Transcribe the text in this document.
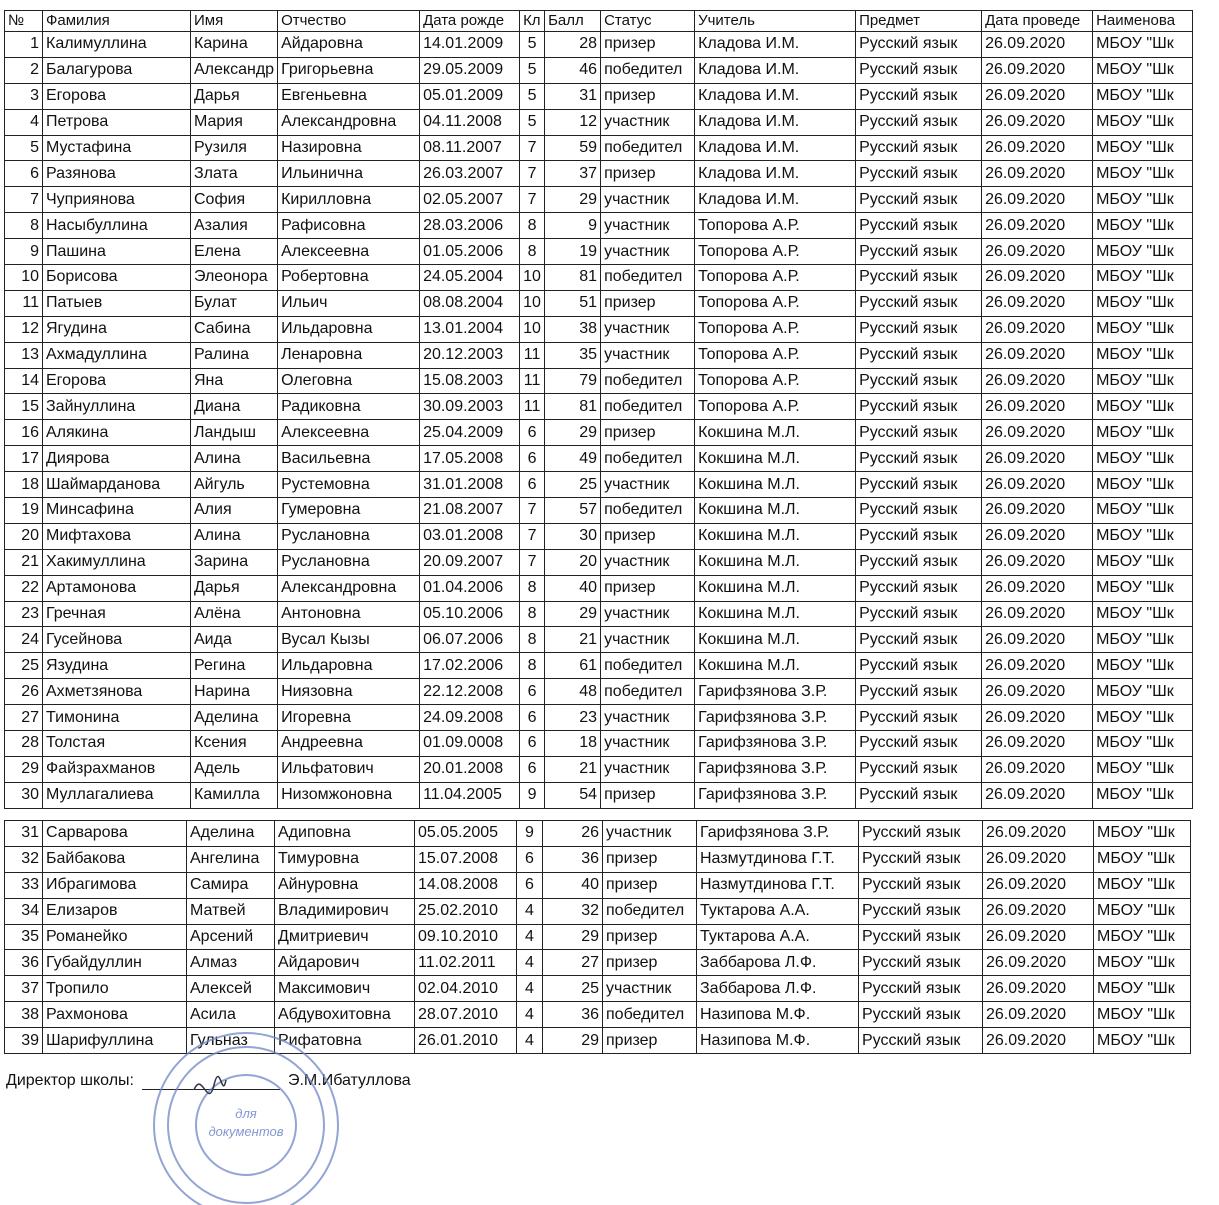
№	Фамилия	Имя	Отчество	Дата рожде	Кл	Балл	Статус	Учитель	Предмет	Дата проведе	Наименова
1	Калимуллина	Карина	Айдаровна	14.01.2009	5	28	призер	Кладова И.М.	Русский язык	26.09.2020	МБОУ "Шк
2	Балагурова	Александр	Григорьевна	29.05.2009	5	46	победител	Кладова И.М.	Русский язык	26.09.2020	МБОУ "Шк
3	Егорова	Дарья	Евгеньевна	05.01.2009	5	31	призер	Кладова И.М.	Русский язык	26.09.2020	МБОУ "Шк
4	Петрова	Мария	Александровна	04.11.2008	5	12	участник	Кладова И.М.	Русский язык	26.09.2020	МБОУ "Шк
5	Мустафина	Рузиля	Назировна	08.11.2007	7	59	победител	Кладова И.М.	Русский язык	26.09.2020	МБОУ "Шк
6	Разянова	Злата	Ильинична	26.03.2007	7	37	призер	Кладова И.М.	Русский язык	26.09.2020	МБОУ "Шк
7	Чуприянова	София	Кирилловна	02.05.2007	7	29	участник	Кладова И.М.	Русский язык	26.09.2020	МБОУ "Шк
8	Насыбуллина	Азалия	Рафисовна	28.03.2006	8	9	участник	Топорова А.Р.	Русский язык	26.09.2020	МБОУ "Шк
9	Пашина	Елена	Алексеевна	01.05.2006	8	19	участник	Топорова А.Р.	Русский язык	26.09.2020	МБОУ "Шк
10	Борисова	Элеонора	Робертовна	24.05.2004	10	81	победител	Топорова А.Р.	Русский язык	26.09.2020	МБОУ "Шк
11	Патыев	Булат	Ильич	08.08.2004	10	51	призер	Топорова А.Р.	Русский язык	26.09.2020	МБОУ "Шк
12	Ягудина	Сабина	Ильдаровна	13.01.2004	10	38	участник	Топорова А.Р.	Русский язык	26.09.2020	МБОУ "Шк
13	Ахмадуллина	Ралина	Ленаровна	20.12.2003	11	35	участник	Топорова А.Р.	Русский язык	26.09.2020	МБОУ "Шк
14	Егорова	Яна	Олеговна	15.08.2003	11	79	победител	Топорова А.Р.	Русский язык	26.09.2020	МБОУ "Шк
15	Зайнуллина	Диана	Радиковна	30.09.2003	11	81	победител	Топорова А.Р.	Русский язык	26.09.2020	МБОУ "Шк
16	Алякина	Ландыш	Алексеевна	25.04.2009	6	29	призер	Кокшина М.Л.	Русский язык	26.09.2020	МБОУ "Шк
17	Диярова	Алина	Васильевна	17.05.2008	6	49	победител	Кокшина М.Л.	Русский язык	26.09.2020	МБОУ "Шк
18	Шаймарданова	Айгуль	Рустемовна	31.01.2008	6	25	участник	Кокшина М.Л.	Русский язык	26.09.2020	МБОУ "Шк
19	Минсафина	Алия	Гумеровна	21.08.2007	7	57	победител	Кокшина М.Л.	Русский язык	26.09.2020	МБОУ "Шк
20	Мифтахова	Алина	Руслановна	03.01.2008	7	30	призер	Кокшина М.Л.	Русский язык	26.09.2020	МБОУ "Шк
21	Хакимуллина	Зарина	Руслановна	20.09.2007	7	20	участник	Кокшина М.Л.	Русский язык	26.09.2020	МБОУ "Шк
22	Артамонова	Дарья	Александровна	01.04.2006	8	40	призер	Кокшина М.Л.	Русский язык	26.09.2020	МБОУ "Шк
23	Гречная	Алёна	Антоновна	05.10.2006	8	29	участник	Кокшина М.Л.	Русский язык	26.09.2020	МБОУ "Шк
24	Гусейнова	Аида	Вусал Кызы	06.07.2006	8	21	участник	Кокшина М.Л.	Русский язык	26.09.2020	МБОУ "Шк
25	Язудина	Регина	Ильдаровна	17.02.2006	8	61	победител	Кокшина М.Л.	Русский язык	26.09.2020	МБОУ "Шк
26	Ахметзянова	Нарина	Ниязовна	22.12.2008	6	48	победител	Гарифзянова З.Р.	Русский язык	26.09.2020	МБОУ "Шк
27	Тимонина	Аделина	Игоревна	24.09.2008	6	23	участник	Гарифзянова З.Р.	Русский язык	26.09.2020	МБОУ "Шк
28	Толстая	Ксения	Андреевна	01.09.0008	6	18	участник	Гарифзянова З.Р.	Русский язык	26.09.2020	МБОУ "Шк
29	Файзрахманов	Адель	Ильфатович	20.01.2008	6	21	участник	Гарифзянова З.Р.	Русский язык	26.09.2020	МБОУ "Шк
30	Муллагалиева	Камилла	Низомжоновна	11.04.2005	9	54	призер	Гарифзянова З.Р.	Русский язык	26.09.2020	МБОУ "Шк
31	Сарварова	Аделина	Адиповна	05.05.2005	9	26	участник	Гарифзянова З.Р.	Русский язык	26.09.2020	МБОУ "Шк
32	Байбакова	Ангелина	Тимуровна	15.07.2008	6	36	призер	Назмутдинова Г.Т.	Русский язык	26.09.2020	МБОУ "Шк
33	Ибрагимова	Самира	Айнуровна	14.08.2008	6	40	призер	Назмутдинова Г.Т.	Русский язык	26.09.2020	МБОУ "Шк
34	Елизаров	Матвей	Владимирович	25.02.2010	4	32	победител	Туктарова А.А.	Русский язык	26.09.2020	МБОУ "Шк
35	Романейко	Арсений	Дмитриевич	09.10.2010	4	29	призер	Туктарова А.А.	Русский язык	26.09.2020	МБОУ "Шк
36	Губайдуллин	Алмаз	Айдарович	11.02.2011	4	27	призер	Заббарова Л.Ф.	Русский язык	26.09.2020	МБОУ "Шк
37	Тропило	Алексей	Максимович	02.04.2010	4	25	участник	Заббарова Л.Ф.	Русский язык	26.09.2020	МБОУ "Шк
38	Рахмонова	Асила	Абдувохитовна	28.07.2010	4	36	победител	Назипова М.Ф.	Русский язык	26.09.2020	МБОУ "Шк
39	Шарифуллина	Гульназ	Рифатовна	26.01.2010	4	29	призер	Назипова М.Ф.	Русский язык	26.09.2020	МБОУ "Шк
Директор школы:	Э.М.Ибатуллова
для
документов
